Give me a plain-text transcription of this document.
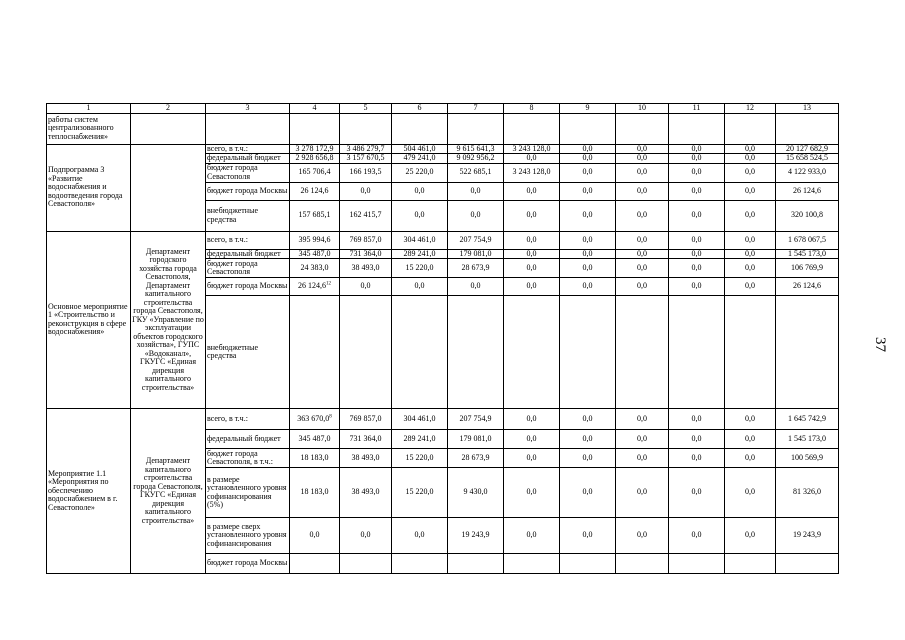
37
1	2	3	4	5	6	7	8	9	10	11	12	13
работы систем централизованного теплоснабжения»												
Подпрограмма 3 «Развитие водоснабжения и водоотведения города Севастополя»		всего, в т.ч.:	3 278 172,9	3 486 279,7	504 461,0	9 615 641,3	3 243 128,0	0,0	0,0	0,0	0,0	20 127 682,9
		федеральный бюджет	2 928 656,8	3 157 670,5	479 241,0	9 092 956,2	0,0	0,0	0,0	0,0	0,0	15 658 524,5
		бюджет города Севастополя	165 706,4	166 193,5	25 220,0	522 685,1	3 243 128,0	0,0	0,0	0,0	0,0	4 122 933,0
		бюджет города Москвы	26 124,6	0,0	0,0	0,0	0,0	0,0	0,0	0,0	0,0	26 124,6
		внебюджетные средства	157 685,1	162 415,7	0,0	0,0	0,0	0,0	0,0	0,0	0,0	320 100,8
Основное мероприятие 1 «Строительство и реконструкция в сфере водоснабжения»	Департамент городского хозяйства города Севастополя, Департамент капитального строительства города Севастополя, ГКУ «Управление по эксплуатации объектов городского хозяйства», ГУПС «Водоканал», ГКУГС «Единая дирекция капитального строительства»	всего, в т.ч.:	395 994,6	769 857,0	304 461,0	207 754,9	0,0	0,0	0,0	0,0	0,0	1 678 067,5
		федеральный бюджет	345 487,0	731 364,0	289 241,0	179 081,0	0,0	0,0	0,0	0,0	0,0	1 545 173,0
		бюджет города Севастополя	24 383,0	38 493,0	15 220,0	28 673,9	0,0	0,0	0,0	0,0	0,0	106 769,9
		бюджет города Москвы	26 124,6$^{12}$	0,0	0,0	0,0	0,0	0,0	0,0	0,0	0,0	26 124,6
		внебюджетные средства										
Мероприятие 1.1 «Мероприятия по обеспечению водоснабжением в г. Севастополе»	Департамент капитального строительства города Севастополя, ГКУГС «Единая дирекция капитального строительства»	всего, в т.ч.:	363 670,0$^8$	769 857,0	304 461,0	207 754,9	0,0	0,0	0,0	0,0	0,0	1 645 742,9
		федеральный бюджет	345 487,0	731 364,0	289 241,0	179 081,0	0,0	0,0	0,0	0,0	0,0	1 545 173,0
		бюджет города Севастополя, в т.ч.:	18 183,0	38 493,0	15 220,0	28 673,9	0,0	0,0	0,0	0,0	0,0	100 569,9
		в размере установленного уровня софинансирования (5%)	18 183,0	38 493,0	15 220,0	9 430,0	0,0	0,0	0,0	0,0	0,0	81 326,0
		в размере сверх установленного уровня софинансирования	0,0	0,0	0,0	19 243,9	0,0	0,0	0,0	0,0	0,0	19 243,9
		бюджет города Москвы										
